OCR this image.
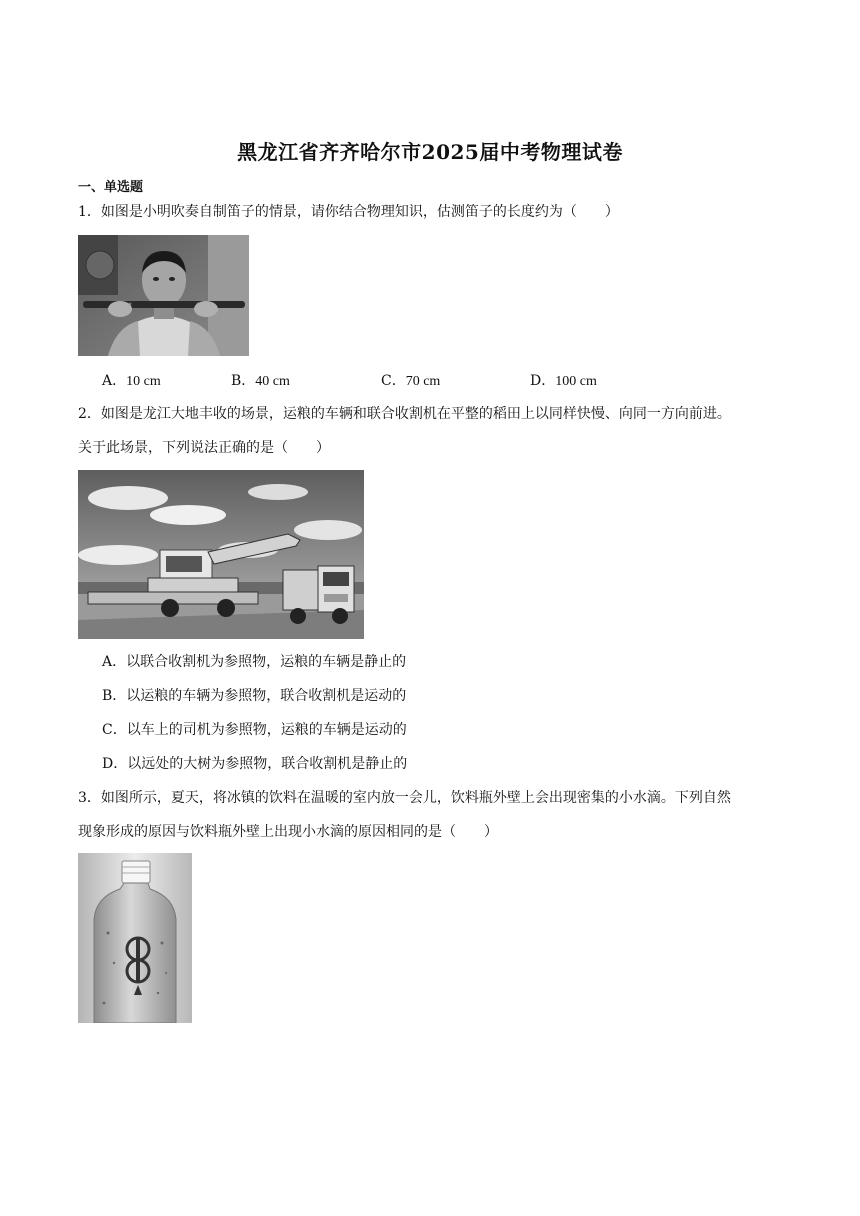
黑龙江省齐齐哈尔市2025届中考物理试卷
一、单选题
1．如图是小明吹奏自制笛子的情景，请你结合物理知识，估测笛子的长度约为（　　）
A．10 cm	B．40 cm	C．70 cm	D．100 cm
2．如图是龙江大地丰收的场景，运粮的车辆和联合收割机在平整的稻田上以同样快慢、向同一方向前进。
关于此场景，下列说法正确的是（　　）
A．以联合收割机为参照物，运粮的车辆是静止的
B．以运粮的车辆为参照物，联合收割机是运动的
C．以车上的司机为参照物，运粮的车辆是运动的
D．以远处的大树为参照物，联合收割机是静止的
3．如图所示，夏天，将冰镇的饮料在温暖的室内放一会儿，饮料瓶外壁上会出现密集的小水滴。下列自然
现象形成的原因与饮料瓶外壁上出现小水滴的原因相同的是（　　）
